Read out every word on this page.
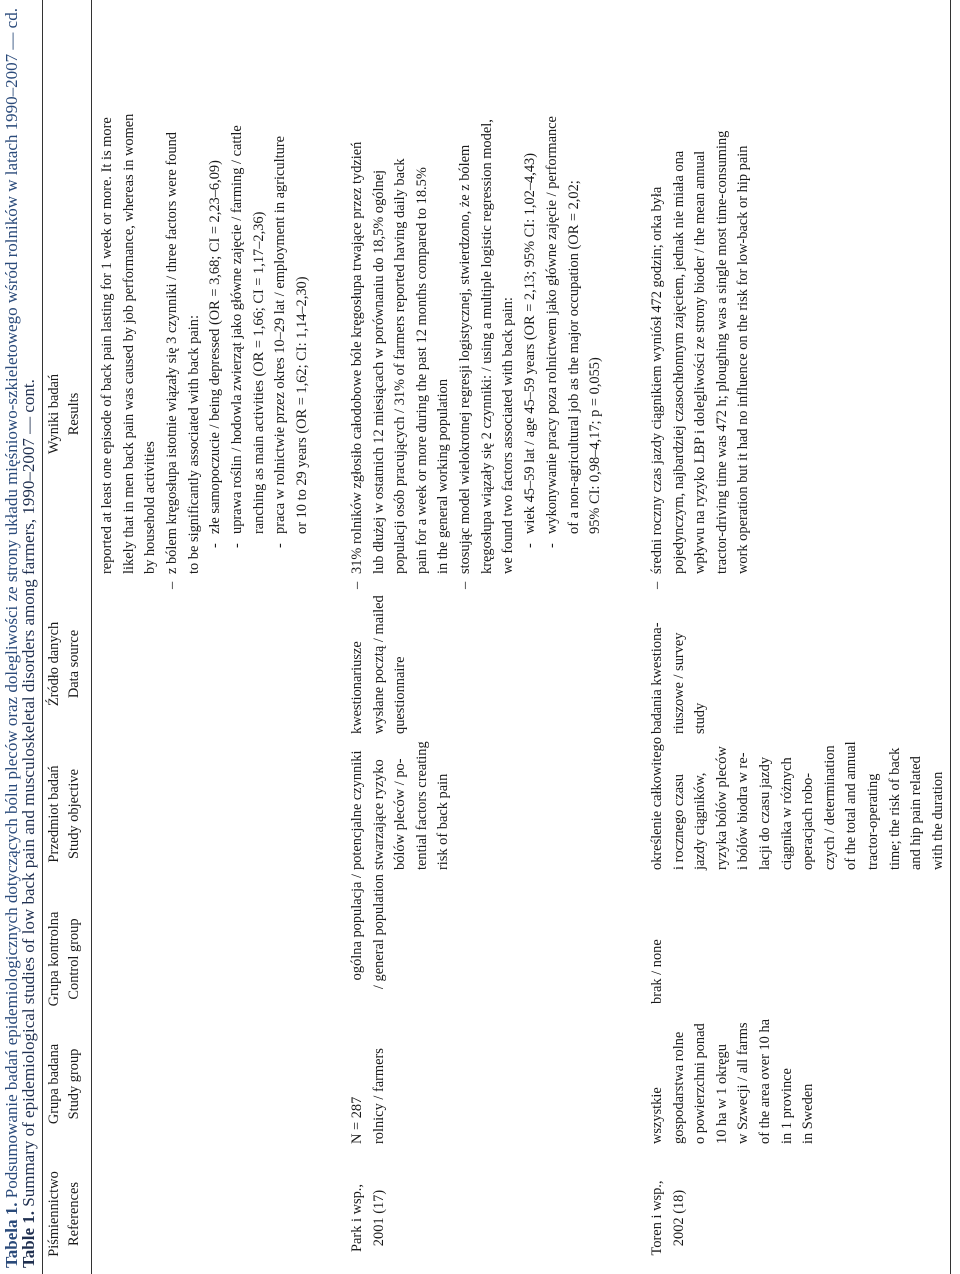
Tabela 1. Podsumowanie badań epidemiologicznych dotyczących bólu pleców oraz dolegliwości ze strony układu mięśniowo-szkieletowego wśród rolników w latach 1990–2007 — cd.
Table 1. Summary of epidemiological studies of low back pain and musculoskeletal disorders among farmers, 1990–2007 — cont.
Piśmiennictwo References
Grupa badana Study group
Grupa kontrolna Control group
Przedmiot badań Study objective
Źródło danych Data source
Wyniki badań Results reported at least one episode of back pain lasting for 1 week or more. It is more likely that in men back pain was caused by job performance, whereas in women by household activities
–
z bólem kręgosłupa istotnie wiązały się 3 czynniki / three factors were found to be significantly associated with back pain: -
złe samopoczucie / being depressed (OR = 3,68; CI = 2,23–6,09)
-
uprawa roślin / hodowla zwierząt jako główne zajęcie / farming / cattle ranching as main activities (OR = 1,66; CI = 1,17–2,36)
-
praca w rolnictwie przez okres 10–29 lat / employment in agriculture or 10 to 29 years (OR = 1,62; CI: 1,14–2,30)
Park i wsp., 2001 (17)
N = 287 rolnicy / farmers
ogólna populacja / / general population
potencjalne czynniki stwarzające ryzyko bólów pleców / po- tential factors creating risk of back pain
kwestionariusze wysłane pocztą / mailed questionnaire
–
31% rolników zgłosiło całodobowe bóle kręgosłupa trwające przez tydzień lub dłużej w ostatnich 12 miesiącach w porównaniu do 18,5% ogólnej populacji osób pracujących / 31% of farmers reported having daily back pain for a week or more during the past 12 months compared to 18.5% in the general working population
–
stosując model wielokrotnej regresji logistycznej, stwierdzono, że z bólem kręgosłupa wiązały się 2 czynniki: / using a multiple logistic regression model, we found two factors associated with back pain: -
wiek 45–59 lat / age 45–59 years (OR = 2,13; 95% CI: 1,02–4,43)
-
wykonywanie pracy poza rolnictwem jako główne zajęcie / performance of a non-agricultural job as the major occupation (OR = 2,02; 95% CI: 0,98–4,17; p = 0,055)
Toren i wsp., 2002 (18)
wszystkie gospodarstwa rolne o powierzchni ponad 10 ha w 1 okręgu w Szwecji / all farms of the area over 10 ha in 1 province in Sweden
brak / none
określenie całkowitego i rocznego czasu jazdy ciągników, ryzyka bólów pleców i bólów biodra w re- lacji do czasu jazdy ciągnika w różnych operacjach robo- czych / determination of the total and annual tractor-operating time; the risk of back and hip pain related with the duration
badania kwestiona- riuszowe / survey study
–
średni roczny czas jazdy ciągnikiem wyniósł 472 godzin; orka była pojedynczym, najbardziej czasochłonnym zajęciem, jednak nie miała ona wpływu na ryzyko LBP i dolegliwości ze strony bioder / the mean annual tractor-driving time was 472 h; ploughing was a single most time-consuming work operation but it had no influence on the risk for low-back or hip pain
